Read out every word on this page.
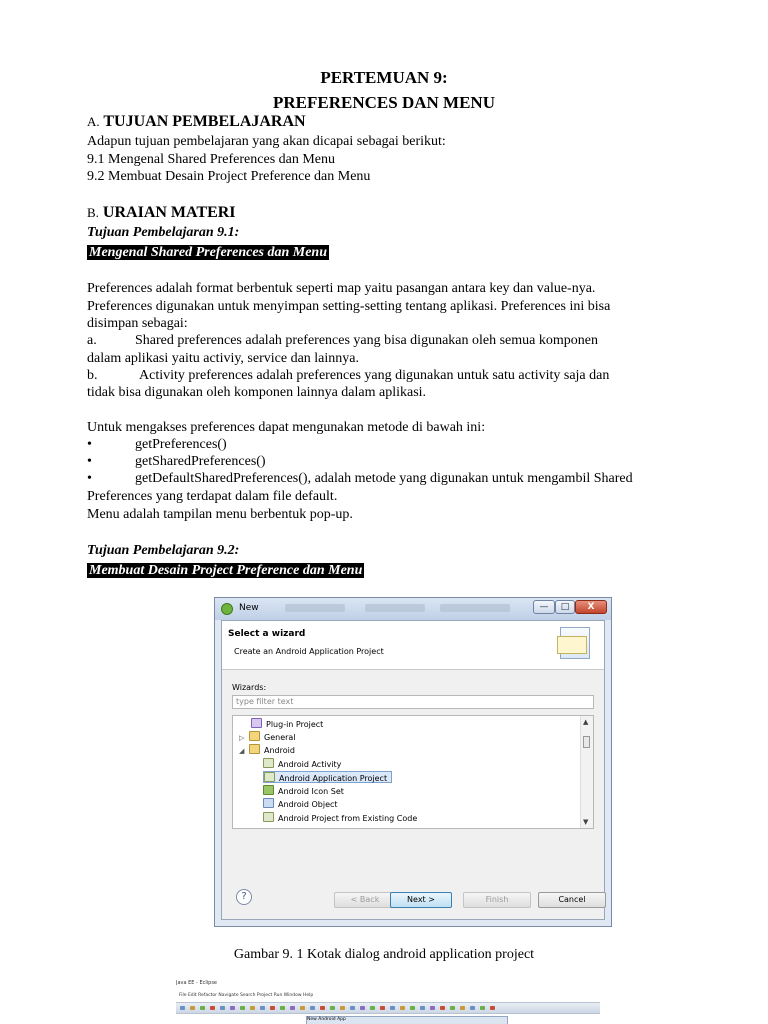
PERTEMUAN 9:
PREFERENCES DAN MENU
A. TUJUAN PEMBELAJARAN
Adapun tujuan pembelajaran yang akan dicapai sebagai berikut:
9.1 Mengenal Shared Preferences dan Menu
9.2 Membuat Desain Project Preference dan Menu
B. URAIAN MATERI
Tujuan Pembelajaran 9.1:
Mengenal Shared Preferences dan Menu
Preferences adalah format berbentuk seperti map yaitu pasangan antara key dan value-nya.
Preferences digunakan untuk menyimpan setting-setting tentang aplikasi. Preferences ini bisa
disimpan sebagai:
a.	Shared preferences adalah preferences yang bisa digunakan oleh semua komponen
dalam aplikasi yaitu activiy, service dan lainnya.
b.	Activity preferences adalah preferences yang digunakan untuk satu activity saja dan
tidak bisa digunakan oleh komponen lainnya dalam aplikasi.
Untuk mengakses preferences dapat mengunakan metode di bawah ini:
•	getPreferences()
•	getSharedPreferences()
•	getDefaultSharedPreferences(), adalah metode yang digunakan untuk mengambil Shared
Preferences yang terdapat dalam file default.
Menu adalah tampilan menu berbentuk pop-up.
Tujuan Pembelajaran 9.2:
Membuat Desain Project Preference dan Menu
New	—	□	X
Select a wizard
Create an Android Application Project
Wizards:
type filter text
Plug-in Project
▷ General
◢ Android
Android Activity
Android Application Project
Android Icon Set
Android Object
Android Project from Existing Code
▲
▼
?	< Back	Next >	Finish	Cancel
Gambar 9. 1 Kotak dialog android application project
Java EE - Eclipse
File Edit Refactor Navigate Search Project Run Window Help
New Android App
